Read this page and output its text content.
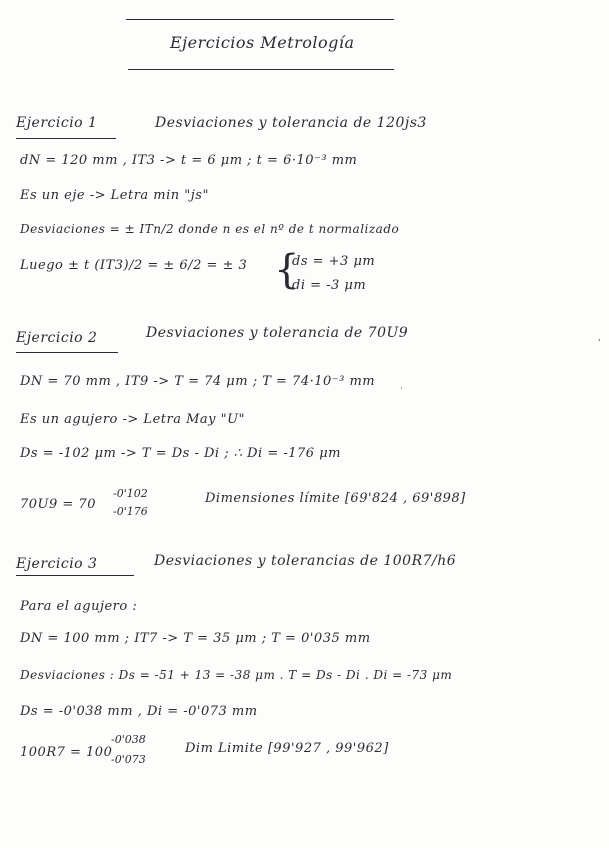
Ejercicios Metrología
Ejercicio 1	Desviaciones y tolerancia de 120js3
dN = 120 mm , IT3 -> t = 6 μm ; t = 6·10⁻³ mm
Es un eje -> Letra min "js"
Desviaciones = ± ITn/2 donde n es el nº de t normalizado
Luego ± t (IT3)/2 = ± 6/2 = ± 3 {
ds = +3 μm
di = -3 μm
Ejercicio 2	Desviaciones y tolerancia de 70U9
DN = 70 mm , IT9 -> T = 74 μm ; T = 74·10⁻³ mm
Es un agujero -> Letra May "U"
Ds = -102 μm -> T = Ds - Di ; ∴ Di = -176 μm
70U9 = 70
-0'102
-0'176
Dimensiones límite [69'824 , 69'898]
Ejercicio 3	Desviaciones y tolerancias de 100R7/h6
Para el agujero :
DN = 100 mm ; IT7 -> T = 35 μm ; T = 0'035 mm
Desviaciones : Ds = -51 + 13 = -38 μm . T = Ds - Di . Di = -73 μm
Ds = -0'038 mm , Di = -0'073 mm
100R7 = 100
-0'038
-0'073
Dim Limite [99'927 , 99'962]
·
,
